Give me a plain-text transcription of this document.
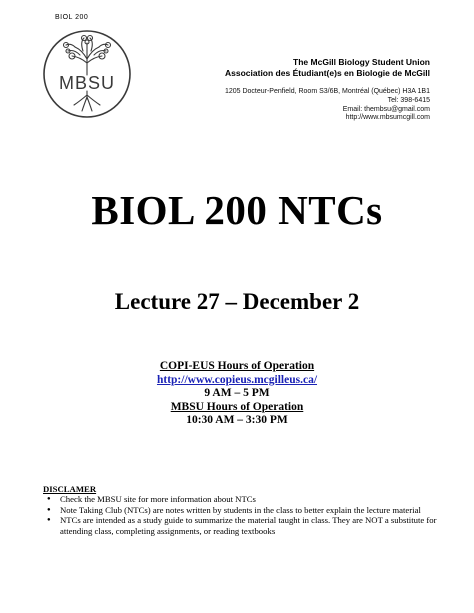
BIOL 200
MBSU
The McGill Biology Student Union
Association des Étudiant(e)s en Biologie de McGill
1205 Docteur-Penfield, Room S3/6B, Montréal (Québec) H3A 1B1
Tel: 398-6415
Email: thembsu@gmail.com
http://www.mbsumcgill.com
BIOL 200 NTCs
Lecture 27 – December 2
COPI-EUS Hours of Operation
http://www.copieus.mcgilleus.ca/
9 AM – 5 PM
MBSU Hours of Operation
10:30 AM – 3:30 PM
DISCLAMER
● Check the MBSU site for more information about NTCs
● Note Taking Club (NTCs) are notes written by students in the class to better explain the lecture material
● NTCs are intended as a study guide to summarize the material taught in class. They are NOT a substitute for attending class, completing assignments, or reading textbooks
